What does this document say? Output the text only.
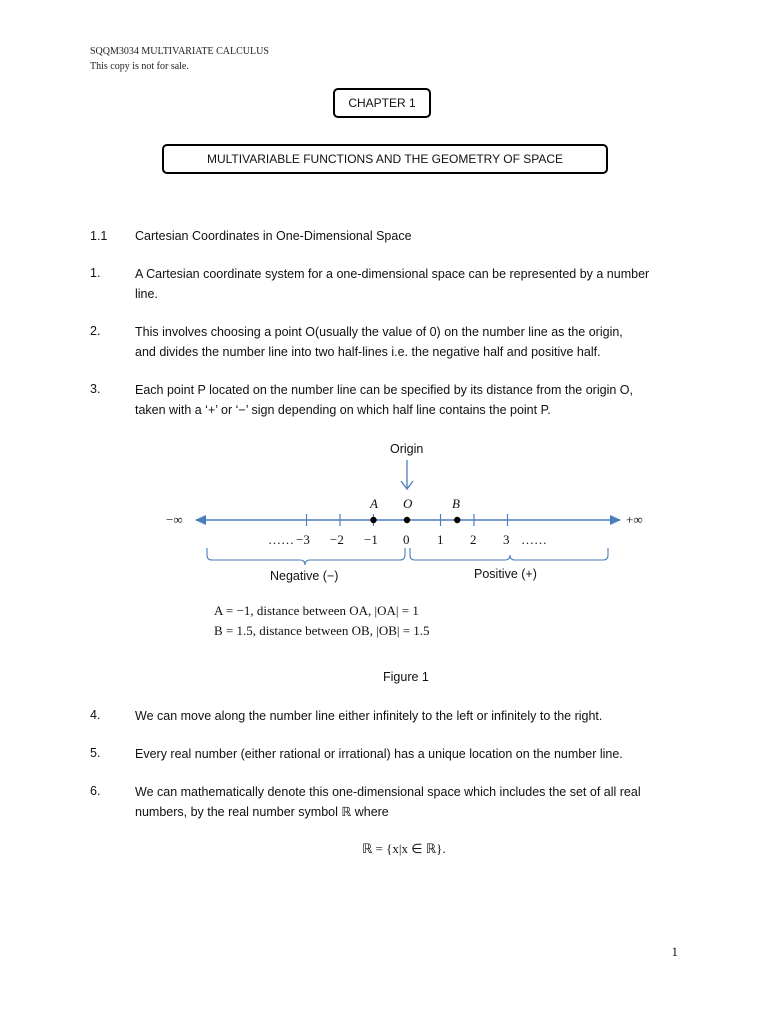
SQQM3034 MULTIVARIATE CALCULUS
This copy is not for sale.
CHAPTER 1
MULTIVARIABLE FUNCTIONS AND THE GEOMETRY OF SPACE
1.1 Cartesian Coordinates in One-Dimensional Space
1.	A Cartesian coordinate system for a one-dimensional space can be represented by a number
line.
2.	This involves choosing a point O(usually the value of 0) on the number line as the origin,
and divides the number line into two half-lines i.e. the negative half and positive half.
3.	Each point P located on the number line can be specified by its distance from the origin O,
taken with a ‘+’ or ‘−’ sign depending on which half line contains the point P.
Origin
−∞	+∞
A O	B
…… −3 −2 −1 0 1 2 3 ……
Negative (−)	Positive (+)
A = −1, distance between OA, |OA| = 1
B = 1.5, distance between OB, |OB| = 1.5
Figure 1
4.	We can move along the number line either infinitely to the left or infinitely to the right.
5.	Every real number (either rational or irrational) has a unique location on the number line.
6.	We can mathematically denote this one-dimensional space which includes the set of all real
numbers, by the real number symbol ℝ where
ℝ = {x|x ∈ ℝ}.
1
